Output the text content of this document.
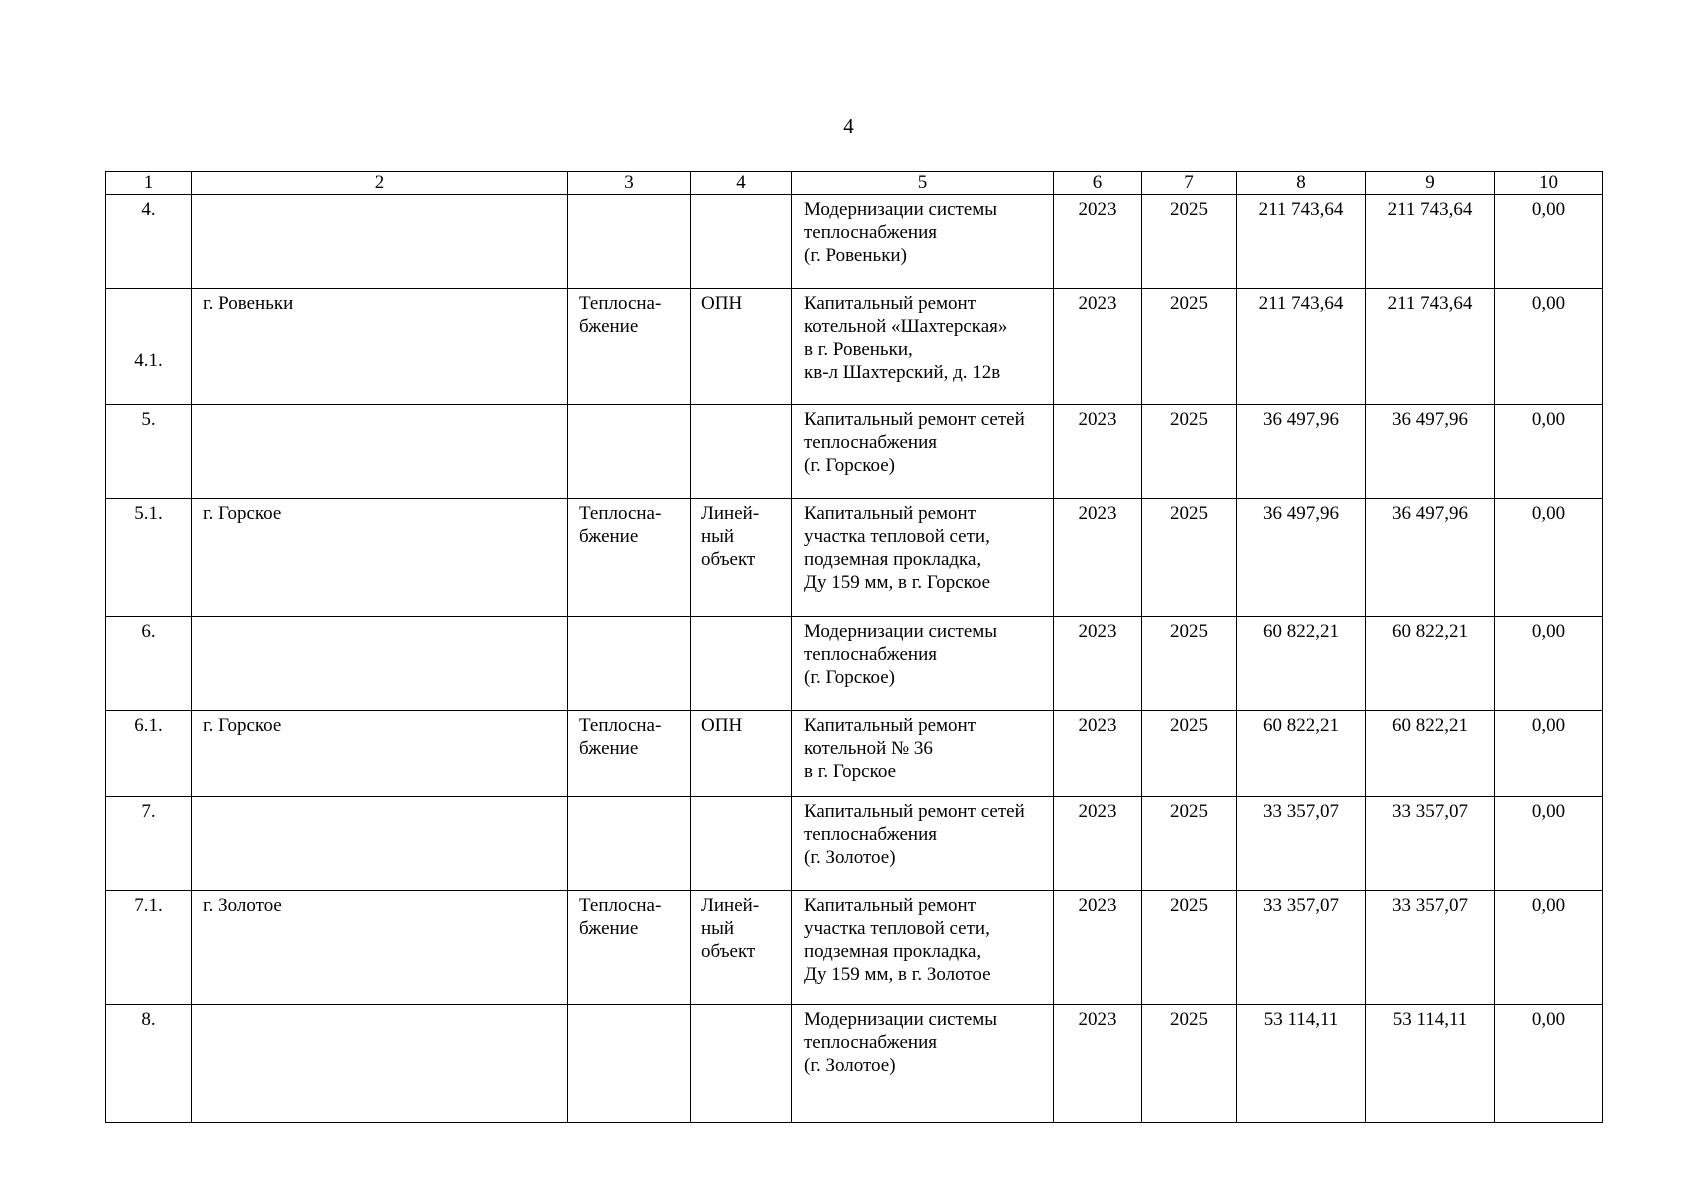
4
1	2	3	4	5	6	7	8	9	10
4.				Модернизации системы
теплоснабжения
(г. Ровеньки)	2023	2025	211 743,64	211 743,64	0,00
4.1.	г. Ровеньки	Теплосна-
бжение	ОПН	Капитальный ремонт
котельной «Шахтерская»
в г. Ровеньки,
кв-л Шахтерский, д. 12в	2023	2025	211 743,64	211 743,64	0,00
5.				Капитальный ремонт сетей
теплоснабжения
(г. Горское)	2023	2025	36 497,96	36 497,96	0,00
5.1.	г. Горское	Теплосна-
бжение	Линей-
ный
объект	Капитальный ремонт
участка тепловой сети,
подземная прокладка,
Ду 159 мм, в г. Горское	2023	2025	36 497,96	36 497,96	0,00
6.				Модернизации системы
теплоснабжения
(г. Горское)	2023	2025	60 822,21	60 822,21	0,00
6.1.	г. Горское	Теплосна-
бжение	ОПН	Капитальный ремонт
котельной № 36
в г. Горское	2023	2025	60 822,21	60 822,21	0,00
7.				Капитальный ремонт сетей
теплоснабжения
(г. Золотое)	2023	2025	33 357,07	33 357,07	0,00
7.1.	г. Золотое	Теплосна-
бжение	Линей-
ный
объект	Капитальный ремонт
участка тепловой сети,
подземная прокладка,
Ду 159 мм, в г. Золотое	2023	2025	33 357,07	33 357,07	0,00
8.				Модернизации системы
теплоснабжения
(г. Золотое)	2023	2025	53 114,11	53 114,11	0,00
